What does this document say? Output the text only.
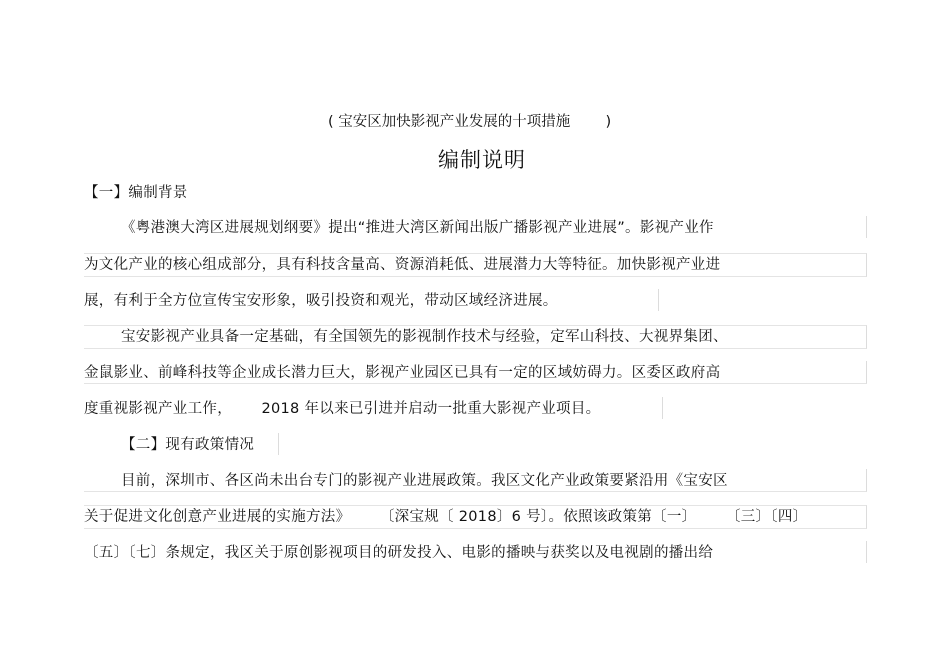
( 宝安区加快影视产业发展的十项措施 )
编制说明
【一】编制背景
《粤港澳大湾区进展规划纲要》提出“推进大湾区新闻出版广播影视产业进展”。影视产业作
为文化产业的核心组成部分，具有科技含量高、资源消耗低、进展潜力大等特征。加快影视产业进
展，有利于全方位宣传宝安形象，吸引投资和观光，带动区域经济进展。
宝安影视产业具备一定基础，有全国领先的影视制作技术与经验，定军山科技、大视界集团、
金鼠影业、前峰科技等企业成长潜力巨大，影视产业园区已具有一定的区域妨碍力。区委区政府高
度重视影视产业工作，      2018 年以来已引进并启动一批重大影视产业项目。
【二】现有政策情况
目前，深圳市、各区尚未出台专门的影视产业进展政策。我区文化产业政策要紧沿用《宝安区
关于促进文化创意产业进展的实施方法》      〔深宝规〔 2018〕6 号〕。依照该政策第〔一〕      〔三〕〔四〕
〔五〕〔七〕条规定，我区关于原创影视项目的研发投入、电影的播映与获奖以及电视剧的播出给
